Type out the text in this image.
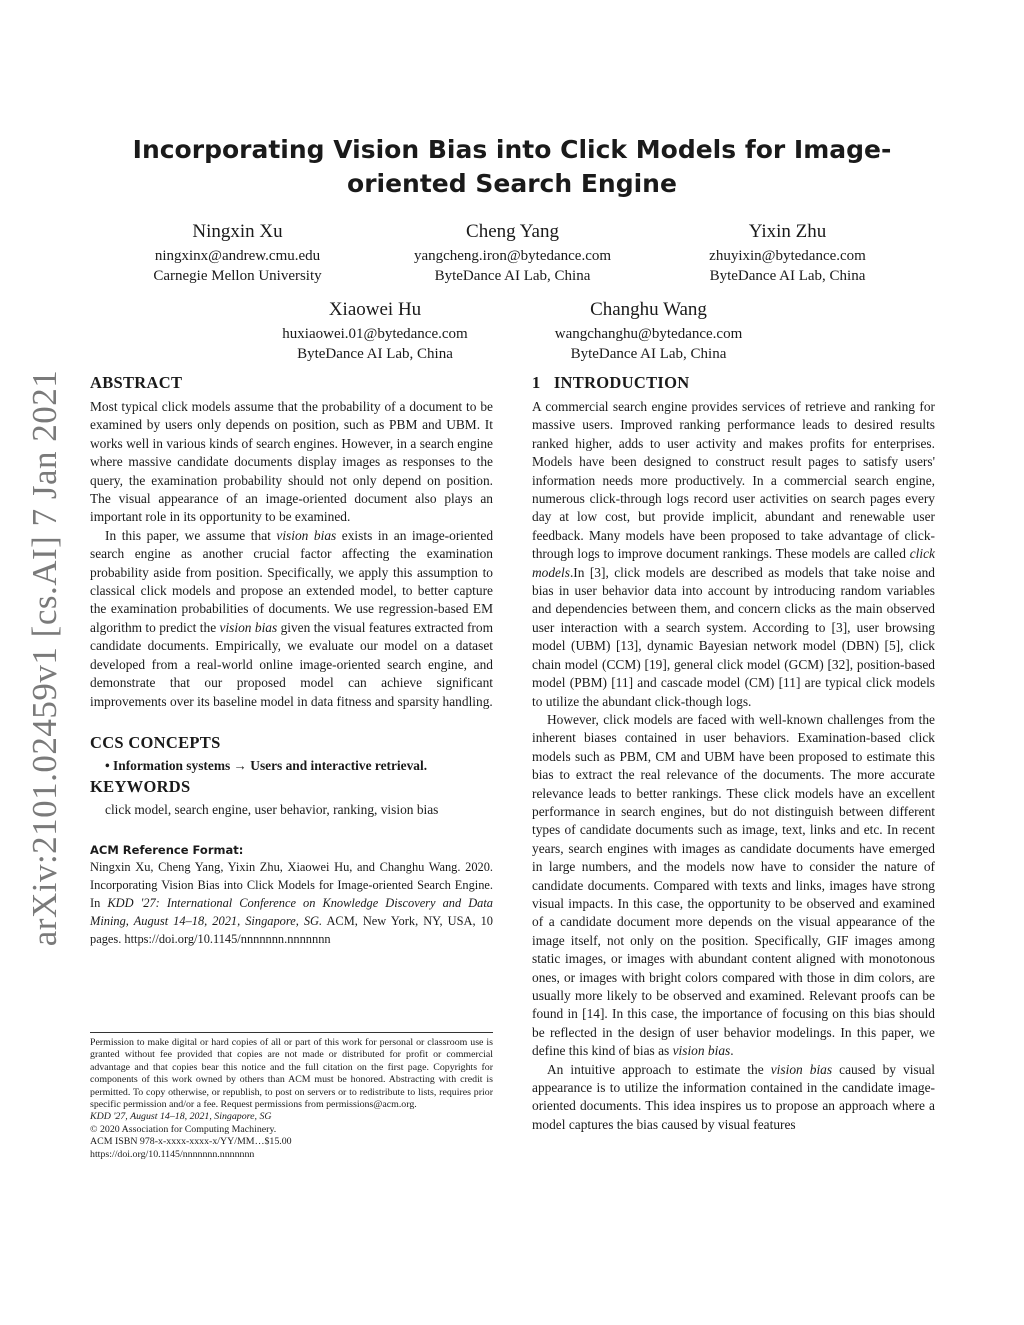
arXiv:2101.02459v1 [cs.AI] 7 Jan 2021
Incorporating Vision Bias into Click Models for Image-oriented Search Engine
Ningxin Xu
ningxinx@andrew.cmu.edu
Carnegie Mellon University
Cheng Yang
yangcheng.iron@bytedance.com
ByteDance AI Lab, China
Yixin Zhu
zhuyixin@bytedance.com
ByteDance AI Lab, China
Xiaowei Hu
huxiaowei.01@bytedance.com
ByteDance AI Lab, China
Changhu Wang
wangchanghu@bytedance.com
ByteDance AI Lab, China
ABSTRACT

Most typical click models assume that the probability of a document to be examined by users only depends on position, such as PBM and UBM. It works well in various kinds of search engines. However, in a search engine where massive candidate documents display images as responses to the query, the examination probability should not only depend on position. The visual appearance of an image-oriented document also plays an important role in its opportunity to be examined.

In this paper, we assume that vision bias exists in an image-oriented search engine as another crucial factor affecting the examination probability aside from position. Specifically, we apply this assumption to classical click models and propose an extended model, to better capture the examination probabilities of documents. We use regression-based EM algorithm to predict the vision bias given the visual features extracted from candidate documents. Empirically, we evaluate our model on a dataset developed from a real-world online image-oriented search engine, and demonstrate that our proposed model can achieve significant improvements over its baseline model in data fitness and sparsity handling.

CCS CONCEPTS
• Information systems → Users and interactive retrieval.
KEYWORDS
click model, search engine, user behavior, ranking, vision bias
ACM Reference Format:

Ningxin Xu, Cheng Yang, Yixin Zhu, Xiaowei Hu, and Changhu Wang. 2020. Incorporating Vision Bias into Click Models for Image-oriented Search Engine. In KDD '27: International Conference on Knowledge Discovery and Data Mining, August 14–18, 2021, Singapore, SG. ACM, New York, NY, USA, 10 pages. https://doi.org/10.1145/nnnnnnn.nnnnnnn

Permission to make digital or hard copies of all or part of this work for personal or classroom use is granted without fee provided that copies are not made or distributed for profit or commercial advantage and that copies bear this notice and the full citation on the first page. Copyrights for components of this work owned by others than ACM must be honored. Abstracting with credit is permitted. To copy otherwise, or republish, to post on servers or to redistribute to lists, requires prior specific permission and/or a fee. Request permissions from permissions@acm.org.

KDD '27, August 14–18, 2021, Singapore, SG

© 2020 Association for Computing Machinery.

ACM ISBN 978-x-xxxx-xxxx-x/YY/MM…$15.00

https://doi.org/10.1145/nnnnnnn.nnnnnnn

1   INTRODUCTION

A commercial search engine provides services of retrieve and ranking for massive users. Improved ranking performance leads to desired results ranked higher, adds to user activity and makes profits for enterprises. Models have been designed to construct result pages to satisfy users' information needs more productively. In a commercial search engine, numerous click-through logs record user activities on search pages every day at low cost, but provide implicit, abundant and renewable user feedback. Many models have been proposed to take advantage of click-through logs to improve document rankings. These models are called click models.In [3], click models are described as models that take noise and bias in user behavior data into account by introducing random variables and dependencies between them, and concern clicks as the main observed user interaction with a search system. According to [3], user browsing model (UBM) [13], dynamic Bayesian network model (DBN) [5], click chain model (CCM) [19], general click model (GCM) [32], position-based model (PBM) [11] and cascade model (CM) [11] are typical click models to utilize the abundant click-though logs.

However, click models are faced with well-known challenges from the inherent biases contained in user behaviors. Examination-based click models such as PBM, CM and UBM have been proposed to estimate this bias to extract the real relevance of the documents. The more accurate relevance leads to better rankings. These click models have an excellent performance in search engines, but do not distinguish between different types of candidate documents such as image, text, links and etc. In recent years, search engines with images as candidate documents have emerged in large numbers, and the models now have to consider the nature of candidate documents. Compared with texts and links, images have strong visual impacts. In this case, the opportunity to be observed and examined of a candidate document more depends on the visual appearance of the image itself, not only on the position. Specifically, GIF images among static images, or images with abundant content aligned with monotonous ones, or images with bright colors compared with those in dim colors, are usually more likely to be observed and examined. Relevant proofs can be found in [14]. In this case, the importance of focusing on this bias should be reflected in the design of user behavior modelings. In this paper, we define this kind of bias as vision bias.

An intuitive approach to estimate the vision bias caused by visual appearance is to utilize the information contained in the candidate image-oriented documents. This idea inspires us to propose an approach where a model captures the bias caused by visual features
